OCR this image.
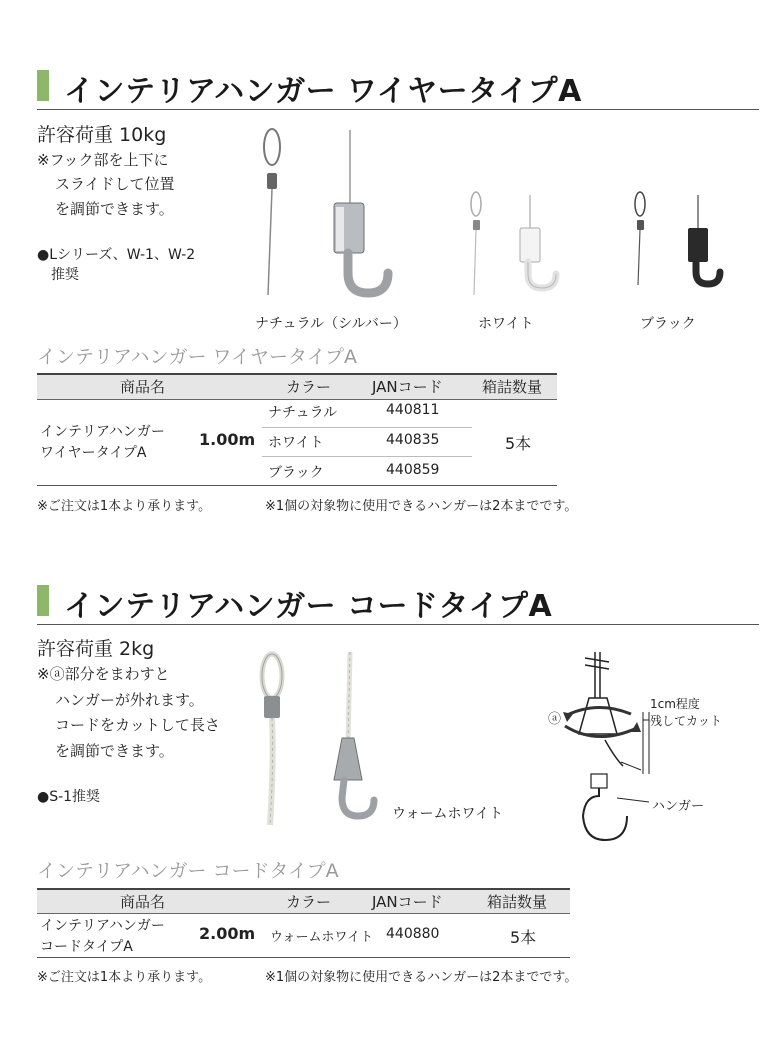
インテリアハンガー ワイヤータイプA
許容荷重 10kg
※フック部を上下に
スライドして位置
を調節できます。
●Lシリーズ、W-1、W-2
推奨
ナチュラル（シルバー）	ホワイト	ブラック
インテリアハンガー ワイヤータイプA
商品名	カラー	JANコード	箱詰数量
インテリアハンガー
ワイヤータイプA
1.00m
ナチュラル	440811
ホワイト	440835
ブラック	440859
5本
※ご注文は1本より承ります。	※1個の対象物に使用できるハンガーは2本までです。
インテリアハンガー コードタイプA
許容荷重 2kg
※ⓐ部分をまわすと
ハンガーが外れます。
コードをカットして長さ
を調節できます。
●S-1推奨
ウォームホワイト
ⓐ
1cm程度
残してカット
ハンガー
インテリアハンガー コードタイプA
商品名	カラー	JANコード	箱詰数量
インテリアハンガー
コードタイプA
2.00m ウォームホワイト 440880	5本
※ご注文は1本より承ります。	※1個の対象物に使用できるハンガーは2本までです。
